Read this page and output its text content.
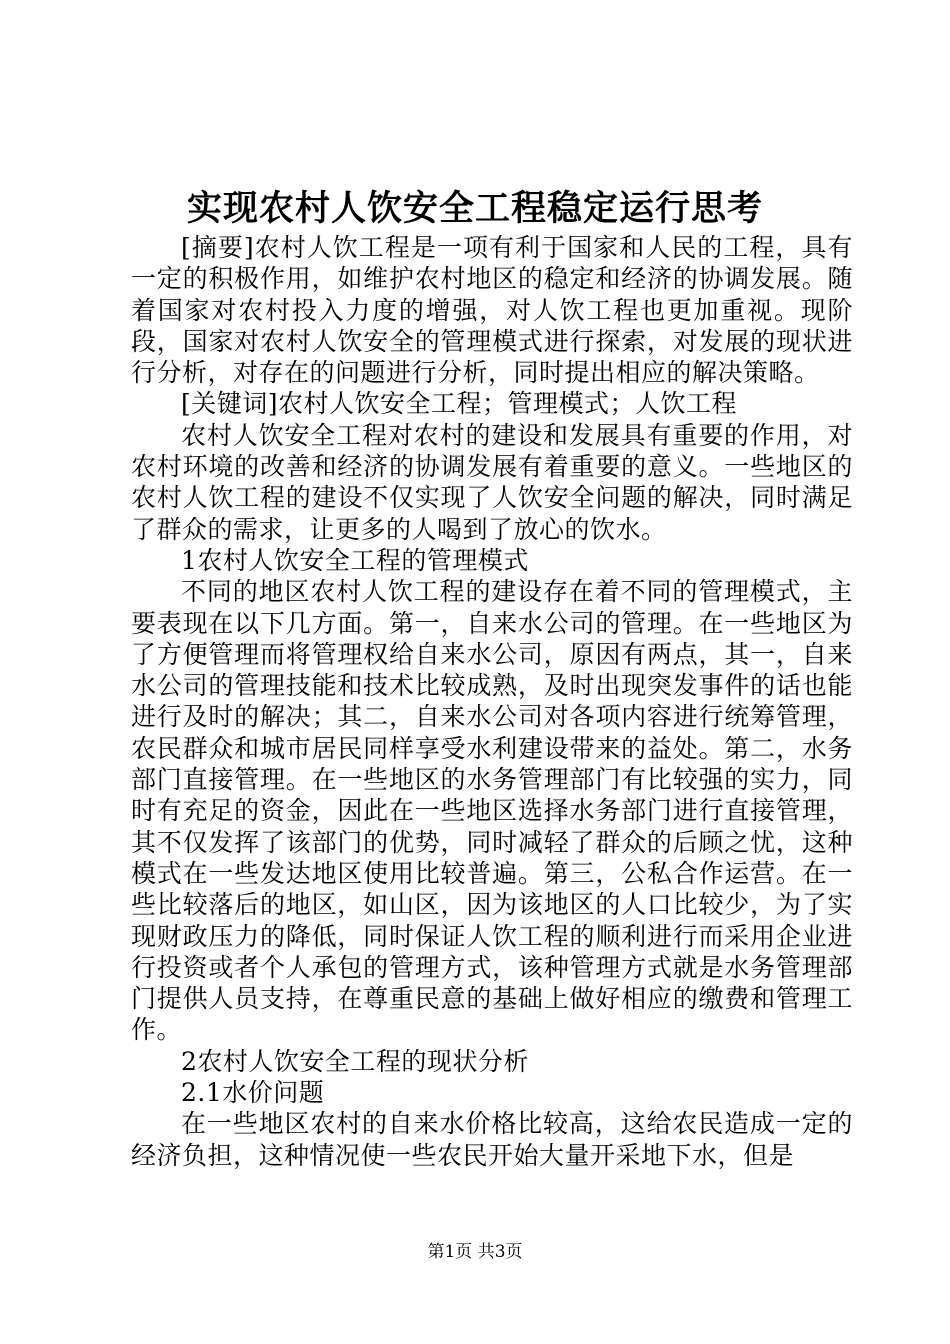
实现农村人饮安全工程稳定运行思考

[摘要]农村人饮工程是一项有利于国家和人民的工程，具有一定的积极作用，如维护农村地区的稳定和经济的协调发展。随着国家对农村投入力度的增强，对人饮工程也更加重视。现阶段，国家对农村人饮安全的管理模式进行探索，对发展的现状进行分析，对存在的问题进行分析，同时提出相应的解决策略。

[关键词]农村人饮安全工程；管理模式；人饮工程

农村人饮安全工程对农村的建设和发展具有重要的作用，对农村环境的改善和经济的协调发展有着重要的意义。一些地区的农村人饮工程的建设不仅实现了人饮安全问题的解决，同时满足了群众的需求，让更多的人喝到了放心的饮水。

1农村人饮安全工程的管理模式

不同的地区农村人饮工程的建设存在着不同的管理模式，主要表现在以下几方面。第一，自来水公司的管理。在一些地区为了方便管理而将管理权给自来水公司，原因有两点，其一，自来水公司的管理技能和技术比较成熟，及时出现突发事件的话也能进行及时的解决；其二，自来水公司对各项内容进行统筹管理，农民群众和城市居民同样享受水利建设带来的益处。第二，水务部门直接管理。在一些地区的水务管理部门有比较强的实力，同时有充足的资金，因此在一些地区选择水务部门进行直接管理，其不仅发挥了该部门的优势，同时减轻了群众的后顾之忧，这种模式在一些发达地区使用比较普遍。第三，公私合作运营。在一些比较落后的地区，如山区，因为该地区的人口比较少，为了实现财政压力的降低，同时保证人饮工程的顺利进行而采用企业进行投资或者个人承包的管理方式，该种管理方式就是水务管理部门提供人员支持，在尊重民意的基础上做好相应的缴费和管理工作。

2农村人饮安全工程的现状分析

2.1水价问题

在一些地区农村的自来水价格比较高，这给农民造成一定的经济负担，这种情况使一些农民开始大量开采地下水，但是

第1页 共3页
